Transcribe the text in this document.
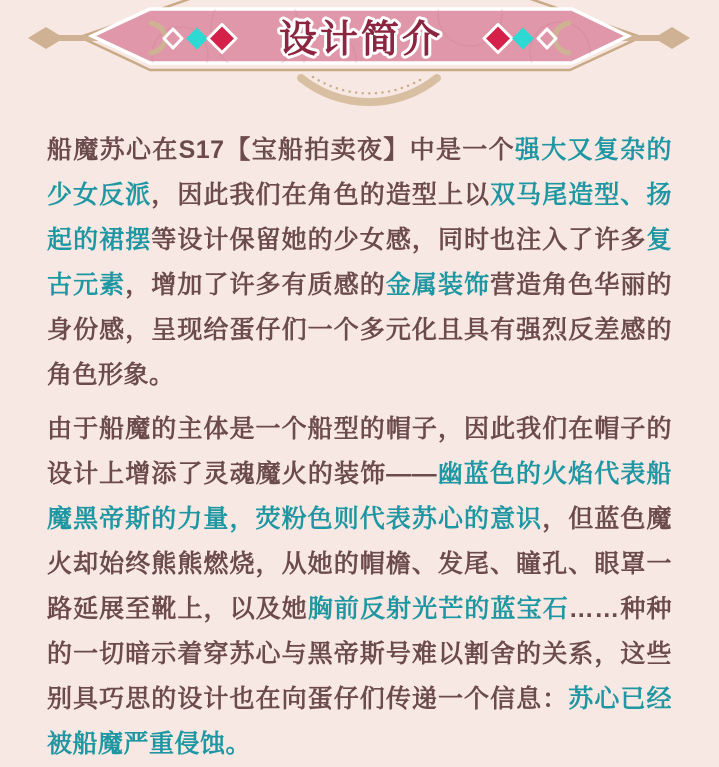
设计简介

船魔苏心在S17【宝船拍卖夜】中是一个强大又复杂的少女反派，因此我们在角色的造型上以双马尾造型、扬起的裙摆等设计保留她的少女感，同时也注入了许多复古元素，增加了许多有质感的金属装饰营造角色华丽的身份感，呈现给蛋仔们一个多元化且具有强烈反差感的角色形象。

由于船魔的主体是一个船型的帽子，因此我们在帽子的设计上增添了灵魂魔火的装饰——幽蓝色的火焰代表船魔黑帝斯的力量，荧粉色则代表苏心的意识，但蓝色魔火却始终熊熊燃烧，从她的帽檐、发尾、瞳孔、眼罩一路延展至靴上，以及她胸前反射光芒的蓝宝石……种种的一切暗示着穿苏心与黑帝斯号难以割舍的关系，这些别具巧思的设计也在向蛋仔们传递一个信息：苏心已经被船魔严重侵蚀。
